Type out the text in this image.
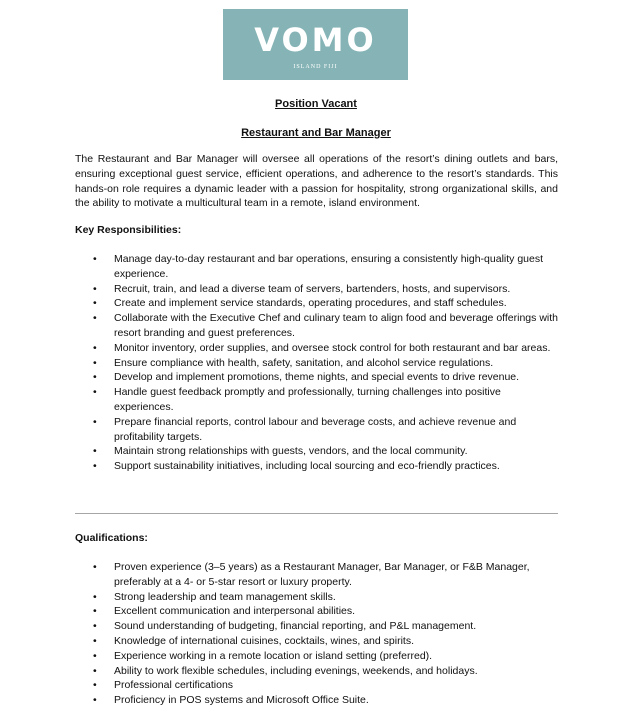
VOMO
ISLAND FIJI
Position Vacant
Restaurant and Bar Manager
The Restaurant and Bar Manager will oversee all operations of the resort’s dining outlets and bars, ensuring exceptional guest service, efficient operations, and adherence to the resort’s standards. This hands-on role requires a dynamic leader with a passion for hospitality, strong organizational skills, and the ability to motivate a multicultural team in a remote, island environment.
Key Responsibilities:
• Manage day-to-day restaurant and bar operations, ensuring a consistently high-quality guest experience.
• Recruit, train, and lead a diverse team of servers, bartenders, hosts, and supervisors.
• Create and implement service standards, operating procedures, and staff schedules.
• Collaborate with the Executive Chef and culinary team to align food and beverage offerings with resort branding and guest preferences.
• Monitor inventory, order supplies, and oversee stock control for both restaurant and bar areas.
• Ensure compliance with health, safety, sanitation, and alcohol service regulations.
• Develop and implement promotions, theme nights, and special events to drive revenue.
• Handle guest feedback promptly and professionally, turning challenges into positive experiences.
• Prepare financial reports, control labour and beverage costs, and achieve revenue and profitability targets.
• Maintain strong relationships with guests, vendors, and the local community.
• Support sustainability initiatives, including local sourcing and eco-friendly practices.
Qualifications:
• Proven experience (3–5 years) as a Restaurant Manager, Bar Manager, or F&B Manager, preferably at a 4- or 5-star resort or luxury property.
• Strong leadership and team management skills.
• Excellent communication and interpersonal abilities.
• Sound understanding of budgeting, financial reporting, and P&L management.
• Knowledge of international cuisines, cocktails, wines, and spirits.
• Experience working in a remote location or island setting (preferred).
• Ability to work flexible schedules, including evenings, weekends, and holidays.
• Professional certifications
• Proficiency in POS systems and Microsoft Office Suite.
